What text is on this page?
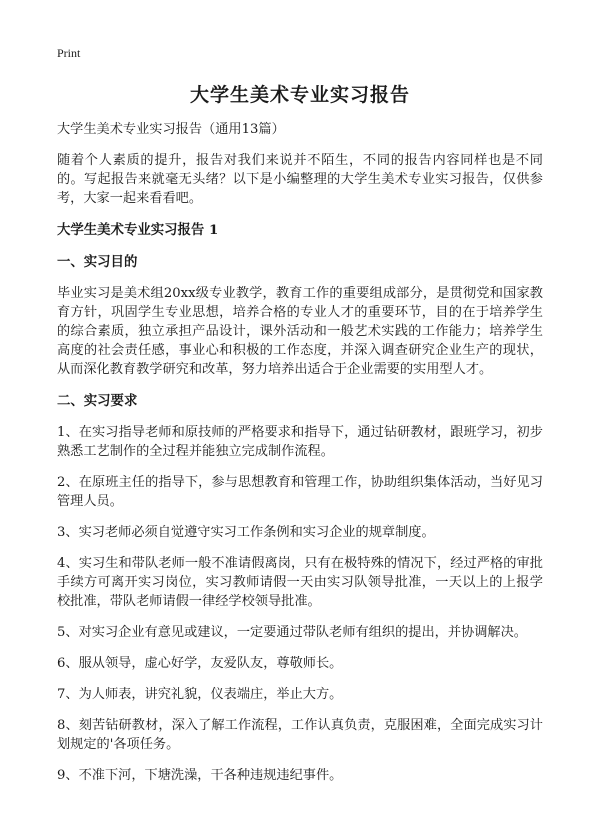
Print
大学生美术专业实习报告

大学生美术专业实习报告（通用13篇）

随着个人素质的提升，报告对我们来说并不陌生，不同的报告内容同样也是不同的。写起报告来就毫无头绪？以下是小编整理的大学生美术专业实习报告，仅供参考，大家一起来看看吧。

大学生美术专业实习报告 1
一、实习目的

毕业实习是美术组20xx级专业教学，教育工作的重要组成部分，是贯彻党和国家教育方针，巩固学生专业思想，培养合格的专业人才的重要环节，目的在于培养学生的综合素质，独立承担产品设计，课外活动和一般艺术实践的工作能力；培养学生高度的社会责任感，事业心和积极的工作态度，并深入调查研究企业生产的现状，从而深化教育教学研究和改革，努力培养出适合于企业需要的实用型人才。

二、实习要求

1、在实习指导老师和原技师的严格要求和指导下，通过钻研教材，跟班学习，初步熟悉工艺制作的全过程并能独立完成制作流程。

2、在原班主任的指导下，参与思想教育和管理工作，协助组织集体活动，当好见习管理人员。

3、实习老师必须自觉遵守实习工作条例和实习企业的规章制度。

4、实习生和带队老师一般不准请假离岗，只有在极特殊的情况下，经过严格的审批手续方可离开实习岗位，实习教师请假一天由实习队领导批准，一天以上的上报学校批准，带队老师请假一律经学校领导批准。

5、对实习企业有意见或建议，一定要通过带队老师有组织的提出，并协调解决。

6、服从领导，虚心好学，友爱队友，尊敬师长。

7、为人师表，讲究礼貌，仪表端庄，举止大方。

8、刻苦钻研教材，深入了解工作流程，工作认真负责，克服困难，全面完成实习计划规定的'各项任务。

9、不准下河，下塘洗澡，干各种违规违纪事件。
